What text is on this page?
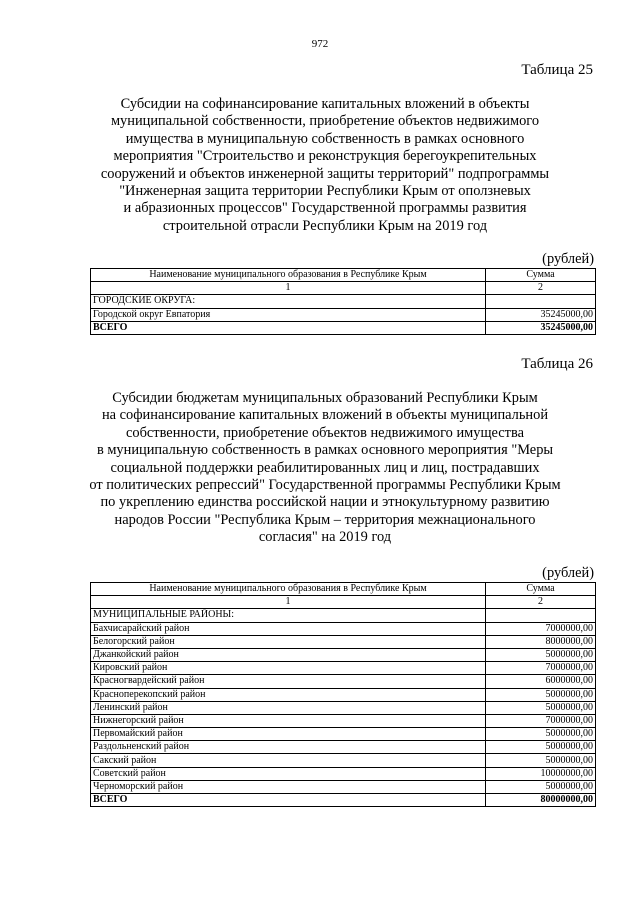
972
Таблица 25
Субсидии на софинансирование капитальных вложений в объекты
муниципальной собственности, приобретение объектов недвижимого
имущества в муниципальную собственность в рамках основного
мероприятия "Строительство и реконструкция берегоукрепительных
сооружений и объектов инженерной защиты территорий" подпрограммы
"Инженерная защита территории Республики Крым от оползневых
и абразионных процессов" Государственной программы развития
строительной отрасли Республики Крым на 2019 год
(рублей)
Наименование муниципального образования в Республике Крым	Сумма
1	2
ГОРОДСКИЕ ОКРУГА:	
Городской округ Евпатория	35245000,00
ВСЕГО	35245000,00
Таблица 26
Субсидии бюджетам муниципальных образований Республики Крым
на софинансирование капитальных вложений в объекты муниципальной
собственности, приобретение объектов недвижимого имущества
в муниципальную собственность в рамках основного мероприятия "Меры
социальной поддержки реабилитированных лиц и лиц, пострадавших
от политических репрессий" Государственной программы Республики Крым
по укреплению единства российской нации и этнокультурному развитию
народов России "Республика Крым – территория межнационального
согласия" на 2019 год
(рублей)
Наименование муниципального образования в Республике Крым	Сумма
1	2
МУНИЦИПАЛЬНЫЕ РАЙОНЫ:	
Бахчисарайский район	7000000,00
Белогорский район	8000000,00
Джанкойский район	5000000,00
Кировский район	7000000,00
Красногвардейский район	6000000,00
Красноперекопский район	5000000,00
Ленинский район	5000000,00
Нижнегорский район	7000000,00
Первомайский район	5000000,00
Раздольненский район	5000000,00
Сакский район	5000000,00
Советский район	10000000,00
Черноморский район	5000000,00
ВСЕГО	80000000,00
